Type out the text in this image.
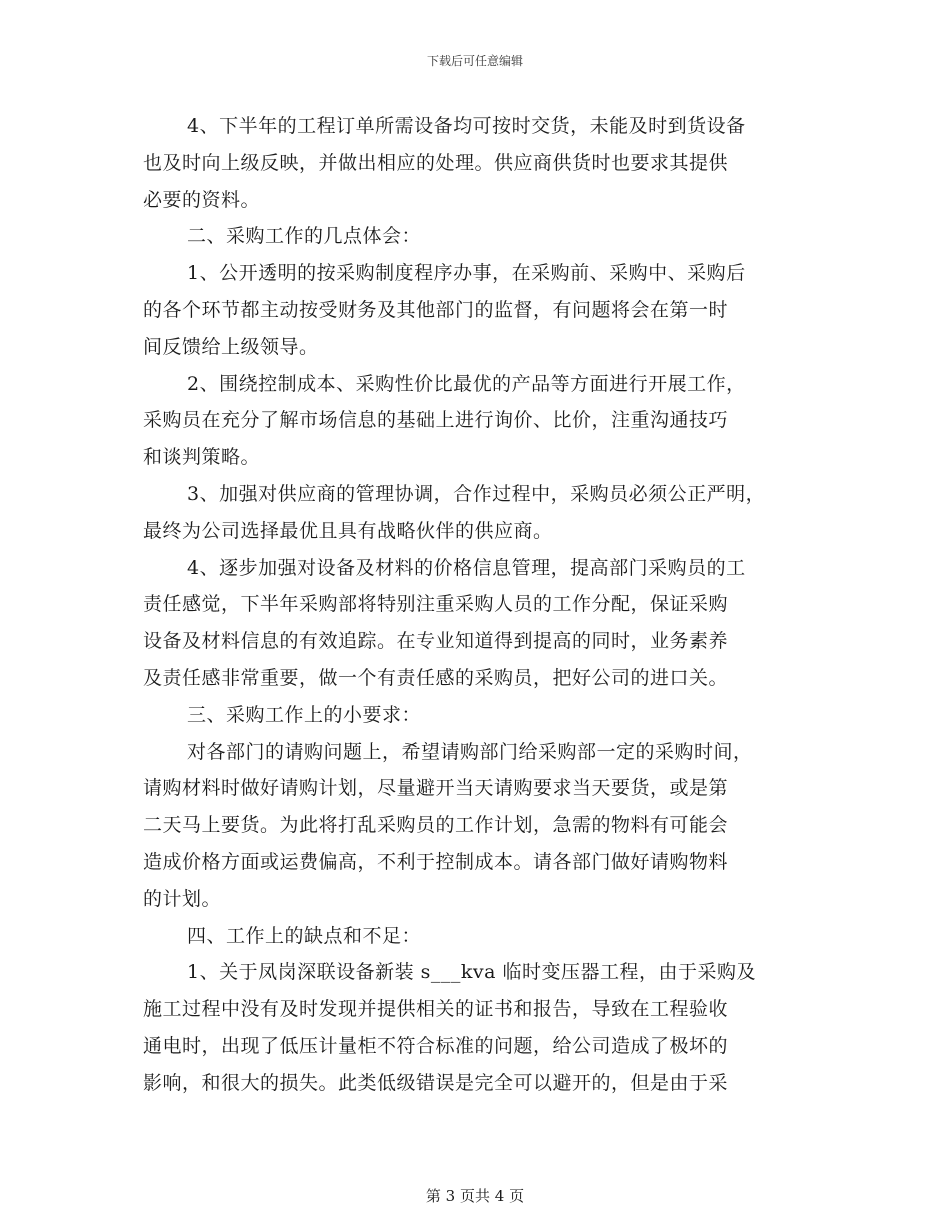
下载后可任意编辑

4、下半年的工程订单所需设备均可按时交货，未能及时到货设备
也及时向上级反映，并做出相应的处理。供应商供货时也要求其提供
必要的资料。

二、采购工作的几点体会：

1、公开透明的按采购制度程序办事，在采购前、采购中、采购后
的各个环节都主动按受财务及其他部门的监督，有问题将会在第一时
间反馈给上级领导。

2、围绕控制成本、采购性价比最优的产品等方面进行开展工作，
采购员在充分了解市场信息的基础上进行询价、比价，注重沟通技巧
和谈判策略。

3、加强对供应商的管理协调，合作过程中，采购员必须公正严明，
最终为公司选择最优且具有战略伙伴的供应商。

4、逐步加强对设备及材料的价格信息管理，提高部门采购员的工
责任感觉，下半年采购部将特别注重采购人员的工作分配，保证采购
设备及材料信息的有效追踪。在专业知道得到提高的同时，业务素养
及责任感非常重要，做一个有责任感的采购员，把好公司的进口关。

三、采购工作上的小要求：

对各部门的请购问题上，希望请购部门给采购部一定的采购时间，
请购材料时做好请购计划，尽量避开当天请购要求当天要货，或是第
二天马上要货。为此将打乱采购员的工作计划，急需的物料有可能会
造成价格方面或运费偏高，不利于控制成本。请各部门做好请购物料
的计划。

四、工作上的缺点和不足：

1、关于凤岗深联设备新装 s___kva 临时变压器工程，由于采购及
施工过程中没有及时发现并提供相关的证书和报告，导致在工程验收
通电时，出现了低压计量柜不符合标准的问题，给公司造成了极坏的
影响，和很大的损失。此类低级错误是完全可以避开的，但是由于采

第 3 页共 4 页
